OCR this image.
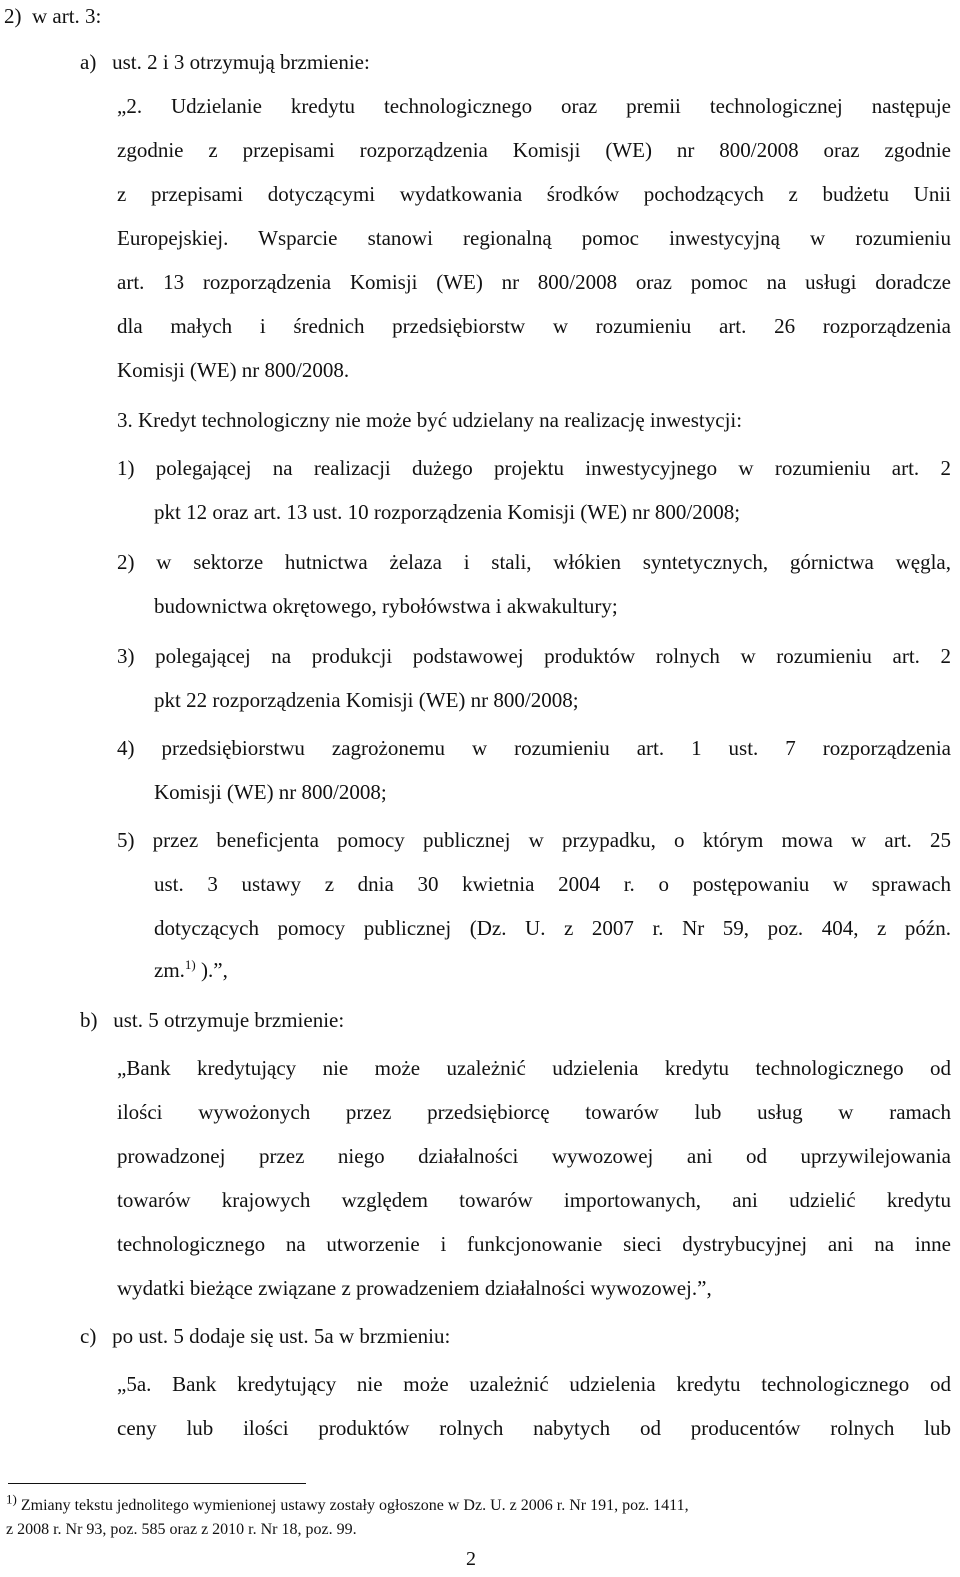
2)  w art. 3:
a)   ust. 2 i 3 otrzymują brzmienie:
„2. Udzielanie kredytu technologicznego oraz premii technologicznej następuje
zgodnie z przepisami rozporządzenia Komisji (WE) nr 800/2008 oraz zgodnie
z przepisami dotyczącymi wydatkowania środków pochodzących z budżetu Unii
Europejskiej. Wsparcie stanowi regionalną pomoc inwestycyjną w rozumieniu
art. 13 rozporządzenia Komisji (WE) nr 800/2008 oraz pomoc na usługi doradcze
dla małych i średnich przedsiębiorstw w rozumieniu art. 26 rozporządzenia
Komisji (WE) nr 800/2008.
3. Kredyt technologiczny nie może być udzielany na realizację inwestycji:
1) polegającej na realizacji dużego projektu inwestycyjnego w rozumieniu art. 2
pkt 12 oraz art. 13 ust. 10 rozporządzenia Komisji (WE) nr 800/2008;
2) w sektorze hutnictwa żelaza i stali, włókien syntetycznych, górnictwa węgla,
budownictwa okrętowego, rybołówstwa i akwakultury;
3) polegającej na produkcji podstawowej produktów rolnych w rozumieniu art. 2
pkt 22 rozporządzenia Komisji (WE) nr 800/2008;
4) przedsiębiorstwu zagrożonemu w rozumieniu art. 1 ust. 7 rozporządzenia
Komisji (WE) nr 800/2008;
5) przez beneficjenta pomocy publicznej w przypadku, o którym mowa w art. 25
ust. 3 ustawy z dnia 30 kwietnia 2004 r. o postępowaniu w sprawach
dotyczących pomocy publicznej (Dz. U. z 2007 r. Nr 59, poz. 404, z późn.
zm.$^{1)}$ ).”,
b)   ust. 5 otrzymuje brzmienie:
„Bank kredytujący nie może uzależnić udzielenia kredytu technologicznego od
ilości wywożonych przez przedsiębiorcę towarów lub usług w ramach
prowadzonej przez niego działalności wywozowej ani od uprzywilejowania
towarów krajowych względem towarów importowanych, ani udzielić kredytu
technologicznego na utworzenie i funkcjonowanie sieci dystrybucyjnej ani na inne
wydatki bieżące związane z prowadzeniem działalności wywozowej.”,
c)   po ust. 5 dodaje się ust. 5a w brzmieniu:
„5a. Bank kredytujący nie może uzależnić udzielenia kredytu technologicznego od
ceny lub ilości produktów rolnych nabytych od producentów rolnych lub
$^{1)}$ Zmiany tekstu jednolitego wymienionej ustawy zostały ogłoszone w Dz. U. z 2006 r. Nr 191, poz. 1411,
z 2008 r. Nr 93, poz. 585 oraz z 2010 r. Nr 18, poz. 99.
2
